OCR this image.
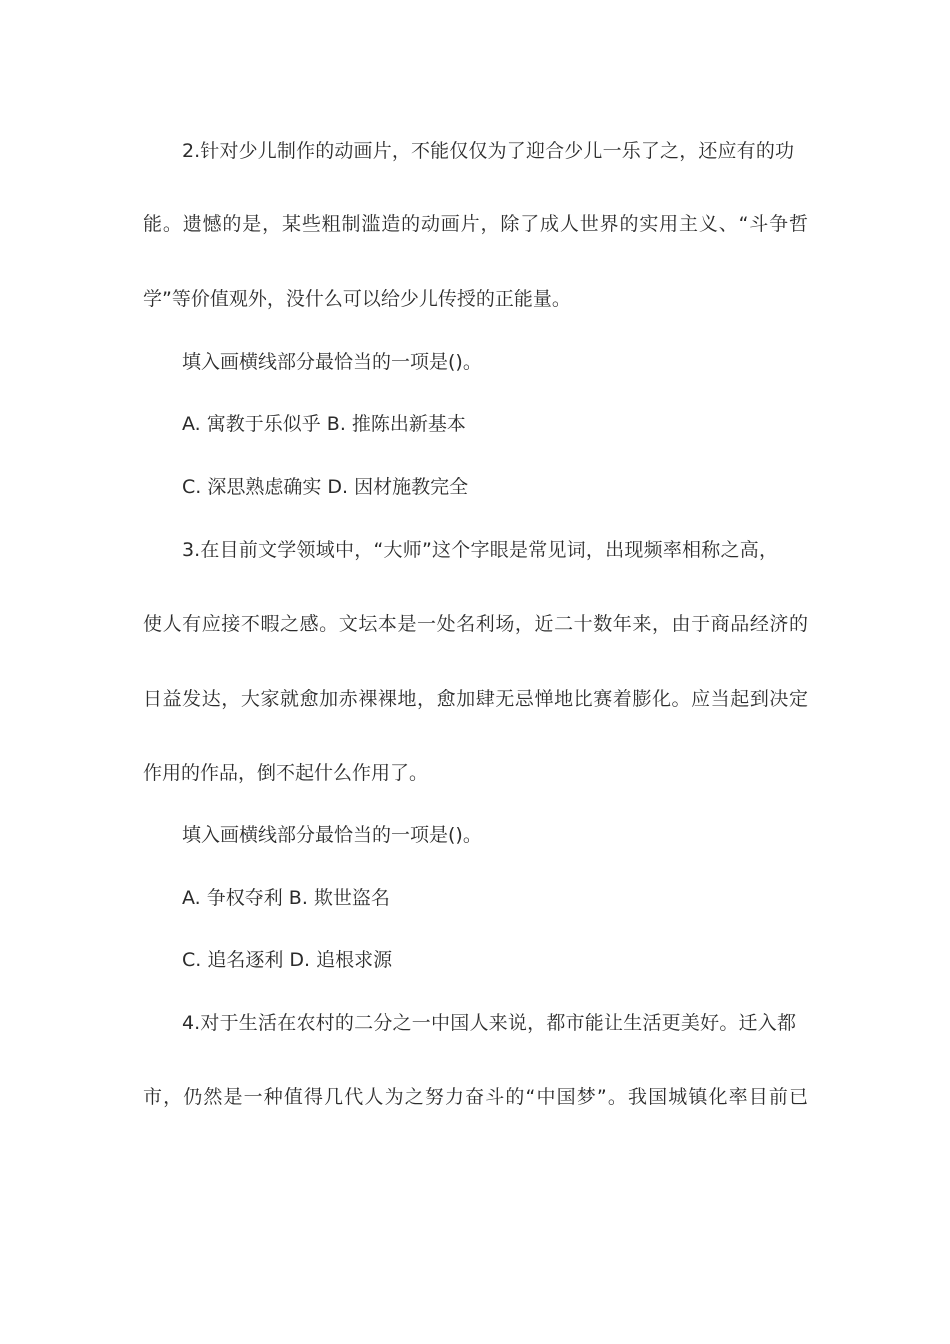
2.针对少儿制作的动画片，不能仅仅为了迎合少儿一乐了之，还应有的功
能。遗憾的是，某些粗制滥造的动画片，除了成人世界的实用主义、“斗争哲
学”等价值观外，没什么可以给少儿传授的正能量。
填入画横线部分最恰当的一项是()。
A. 寓教于乐似乎 B. 推陈出新基本
C. 深思熟虑确实 D. 因材施教完全
3.在目前文学领域中，“大师”这个字眼是常见词，出现频率相称之高，
使人有应接不暇之感。文坛本是一处名利场，近二十数年来，由于商品经济的
日益发达，大家就愈加赤裸裸地，愈加肆无忌惮地比赛着膨化。应当起到决定
作用的作品，倒不起什么作用了。
填入画横线部分最恰当的一项是()。
A. 争权夺利 B. 欺世盗名
C. 追名逐利 D. 追根求源
4.对于生活在农村的二分之一中国人来说，都市能让生活更美好。迁入都
市，仍然是一种值得几代人为之努力奋斗的“中国梦”。我国城镇化率目前已
